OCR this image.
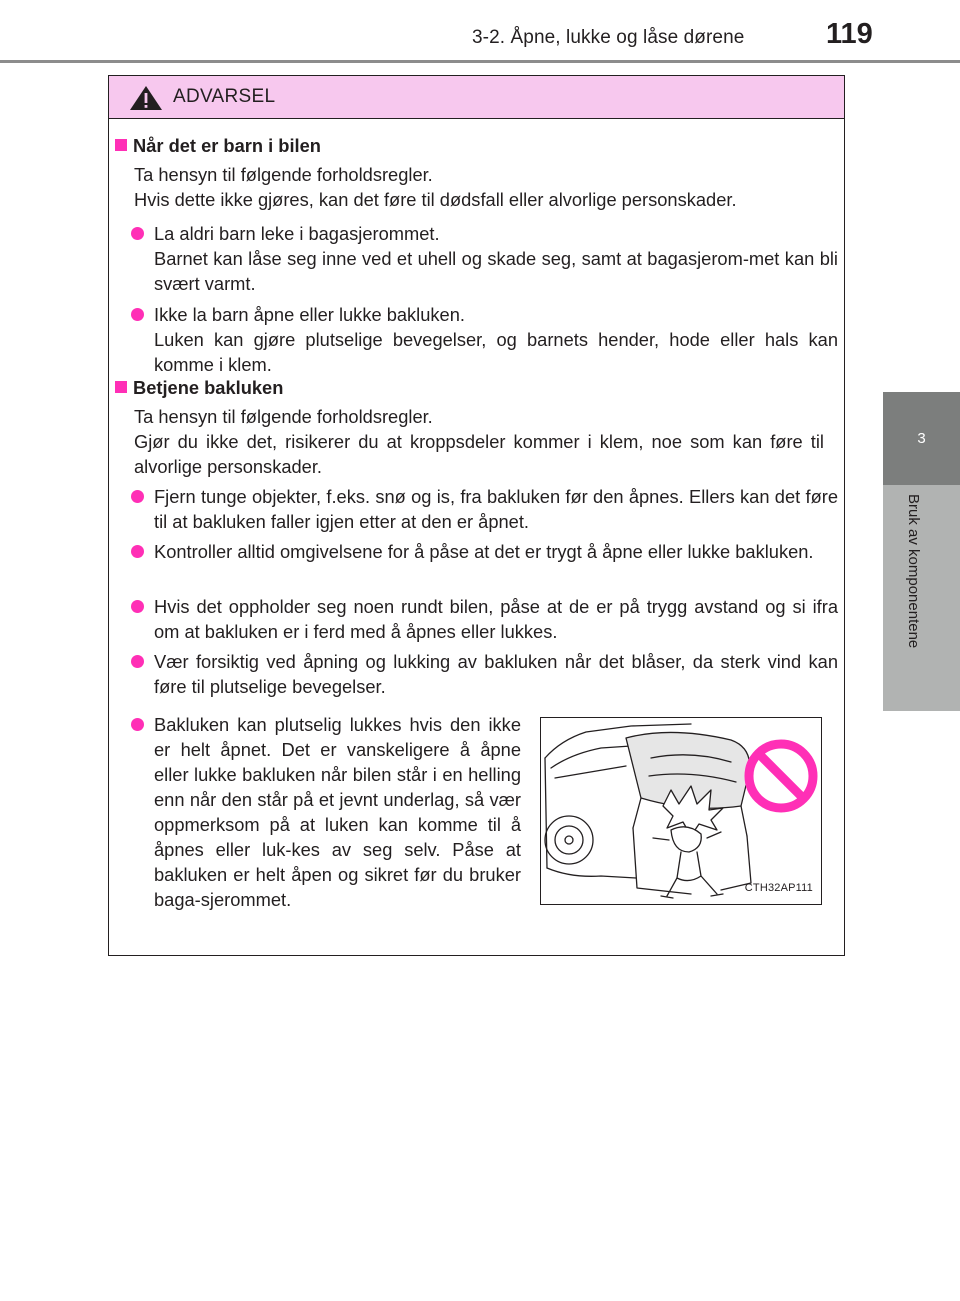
3-2. Åpne, lukke og låse dørene	119
3
Bruk av komponentene
ADVARSEL
Når det er barn i bilen
Ta hensyn til følgende forholdsregler.
Hvis dette ikke gjøres, kan det føre til dødsfall eller alvorlige personskader.
La aldri barn leke i bagasjerommet.
Barnet kan låse seg inne ved et uhell og skade seg, samt at bagasjerom-met kan bli svært varmt.
Ikke la barn åpne eller lukke bakluken.
Luken kan gjøre plutselige bevegelser, og barnets hender, hode eller hals kan komme i klem.
Betjene bakluken
Ta hensyn til følgende forholdsregler.
Gjør du ikke det, risikerer du at kroppsdeler kommer i klem, noe som kan føre til alvorlige personskader.
Fjern tunge objekter, f.eks. snø og is, fra bakluken før den åpnes. Ellers kan det føre til at bakluken faller igjen etter at den er åpnet.
Kontroller alltid omgivelsene for å påse at det er trygt å åpne eller lukke bakluken.
Hvis det oppholder seg noen rundt bilen, påse at de er på trygg avstand og si ifra om at bakluken er i ferd med å åpnes eller lukkes.
Vær forsiktig ved åpning og lukking av bakluken når det blåser, da sterk vind kan føre til plutselige bevegelser.
Bakluken kan plutselig lukkes hvis den ikke er helt åpnet. Det er vanskeligere å åpne eller lukke bakluken når bilen står i en helling enn når den står på et jevnt underlag, så vær oppmerksom på at luken kan komme til å åpnes eller luk-kes av seg selv. Påse at bakluken er helt åpen og sikret før du bruker baga-sjerommet.
CTH32AP111
